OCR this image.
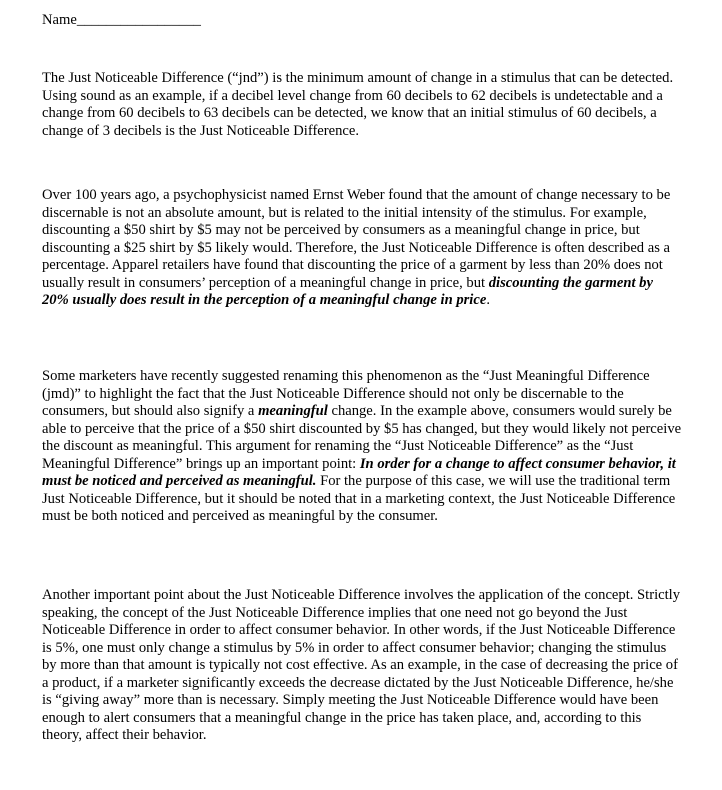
Name_________________

The Just Noticeable Difference (“jnd”) is the minimum amount of change in a stimulus that can be detected. Using sound as an example, if a decibel level change from 60 decibels to 62 decibels is undetectable and a change from 60 decibels to 63 decibels can be detected, we know that an initial stimulus of 60 decibels, a change of 3 decibels is the Just Noticeable Difference.

Over 100 years ago, a psychophysicist named Ernst Weber found that the amount of change necessary to be discernable is not an absolute amount, but is related to the initial intensity of the stimulus. For example, discounting a $50 shirt by $5 may not be perceived by consumers as a meaningful change in price, but discounting a $25 shirt by $5 likely would. Therefore, the Just Noticeable Difference is often described as a percentage. Apparel retailers have found that discounting the price of a garment by less than 20% does not usually result in consumers’ perception of a meaningful change in price, but discounting the garment by 20% usually does result in the perception of a meaningful change in price.

Some marketers have recently suggested renaming this phenomenon as the “Just Meaningful Difference (jmd)” to highlight the fact that the Just Noticeable Difference should not only be discernable to the consumers, but should also signify a meaningful change. In the example above, consumers would surely be able to perceive that the price of a $50 shirt discounted by $5 has changed, but they would likely not perceive the discount as meaningful. This argument for renaming the “Just Noticeable Difference” as the “Just Meaningful Difference” brings up an important point: In order for a change to affect consumer behavior, it must be noticed and perceived as meaningful. For the purpose of this case, we will use the traditional term Just Noticeable Difference, but it should be noted that in a marketing context, the Just Noticeable Difference must be both noticed and perceived as meaningful by the consumer.

Another important point about the Just Noticeable Difference involves the application of the concept. Strictly speaking, the concept of the Just Noticeable Difference implies that one need not go beyond the Just Noticeable Difference in order to affect consumer behavior. In other words, if the Just Noticeable Difference is 5%, one must only change a stimulus by 5% in order to affect consumer behavior; changing the stimulus by more than that amount is typically not cost effective. As an example, in the case of decreasing the price of a product, if a marketer significantly exceeds the decrease dictated by the Just Noticeable Difference, he/she is “giving away” more than is necessary. Simply meeting the Just Noticeable Difference would have been enough to alert consumers that a meaningful change in the price has taken place, and, according to this theory, affect their behavior.
